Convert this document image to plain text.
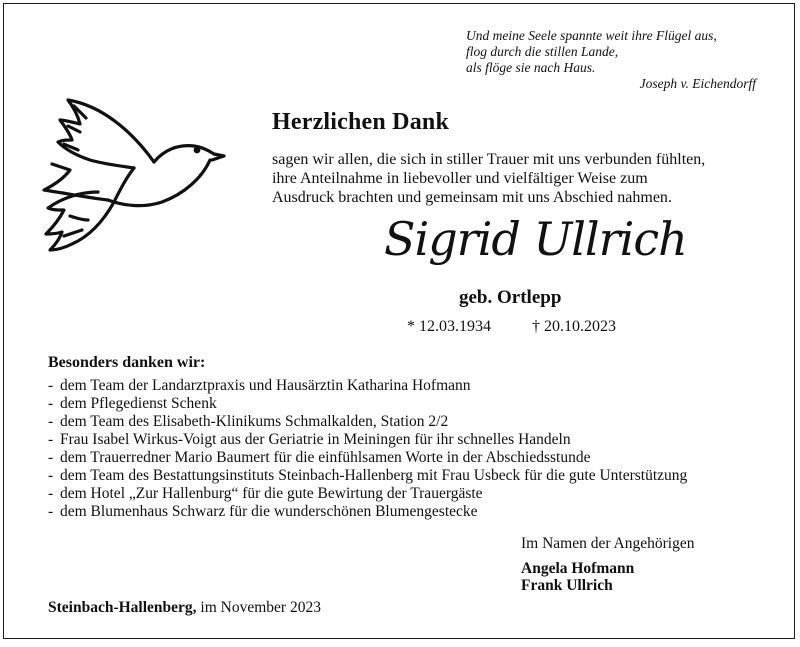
Und meine Seele spannte weit ihre Flügel aus,
flog durch die stillen Lande,
als flöge sie nach Haus.
Joseph v. Eichendorff
Herzlichen Dank
sagen wir allen, die sich in stiller Trauer mit uns verbunden fühlten,
ihre Anteilnahme in liebevoller und vielfältiger Weise zum
Ausdruck brachten und gemeinsam mit uns Abschied nahmen.
Sigrid Ullrich
geb. Ortlepp
* 12.03.1934	† 20.10.2023
Besonders danken wir:
- dem Team der Landarztpraxis und Hausärztin Katharina Hofmann
- dem Pflegedienst Schenk
- dem Team des Elisabeth-Klinikums Schmalkalden, Station 2/2
- Frau Isabel Wirkus-Voigt aus der Geriatrie in Meiningen für ihr schnelles Handeln
- dem Trauerredner Mario Baumert für die einfühlsamen Worte in der Abschiedsstunde
- dem Team des Bestattungsinstituts Steinbach-Hallenberg mit Frau Usbeck für die gute Unterstützung
- dem Hotel „Zur Hallenburg“ für die gute Bewirtung der Trauergäste
- dem Blumenhaus Schwarz für die wunderschönen Blumengestecke
Im Namen der Angehörigen
Angela Hofmann
Frank Ullrich
Steinbach-Hallenberg, im November 2023
